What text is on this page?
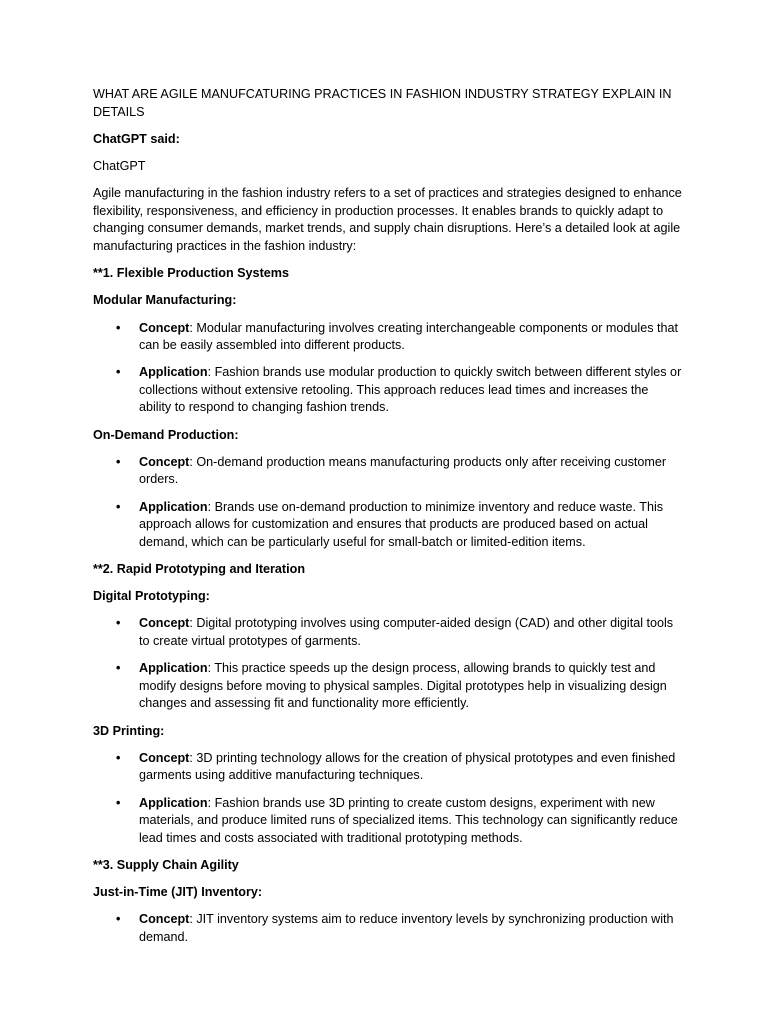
WHAT ARE AGILE MANUFCATURING PRACTICES IN FASHION INDUSTRY STRATEGY EXPLAIN IN DETAILS

ChatGPT said:

ChatGPT

Agile manufacturing in the fashion industry refers to a set of practices and strategies designed to enhance flexibility, responsiveness, and efficiency in production processes. It enables brands to quickly adapt to changing consumer demands, market trends, and supply chain disruptions. Here’s a detailed look at agile manufacturing practices in the fashion industry:

**1. Flexible Production Systems

Modular Manufacturing:

• Concept: Modular manufacturing involves creating interchangeable components or modules that can be easily assembled into different products.
• Application: Fashion brands use modular production to quickly switch between different styles or collections without extensive retooling. This approach reduces lead times and increases the ability to respond to changing fashion trends.

On-Demand Production:

• Concept: On-demand production means manufacturing products only after receiving customer orders.
• Application: Brands use on-demand production to minimize inventory and reduce waste. This approach allows for customization and ensures that products are produced based on actual demand, which can be particularly useful for small-batch or limited-edition items.

**2. Rapid Prototyping and Iteration

Digital Prototyping:

• Concept: Digital prototyping involves using computer-aided design (CAD) and other digital tools to create virtual prototypes of garments.
• Application: This practice speeds up the design process, allowing brands to quickly test and modify designs before moving to physical samples. Digital prototypes help in visualizing design changes and assessing fit and functionality more efficiently.

3D Printing:

• Concept: 3D printing technology allows for the creation of physical prototypes and even finished garments using additive manufacturing techniques.
• Application: Fashion brands use 3D printing to create custom designs, experiment with new materials, and produce limited runs of specialized items. This technology can significantly reduce lead times and costs associated with traditional prototyping methods.

**3. Supply Chain Agility

Just-in-Time (JIT) Inventory:

• Concept: JIT inventory systems aim to reduce inventory levels by synchronizing production with demand.
